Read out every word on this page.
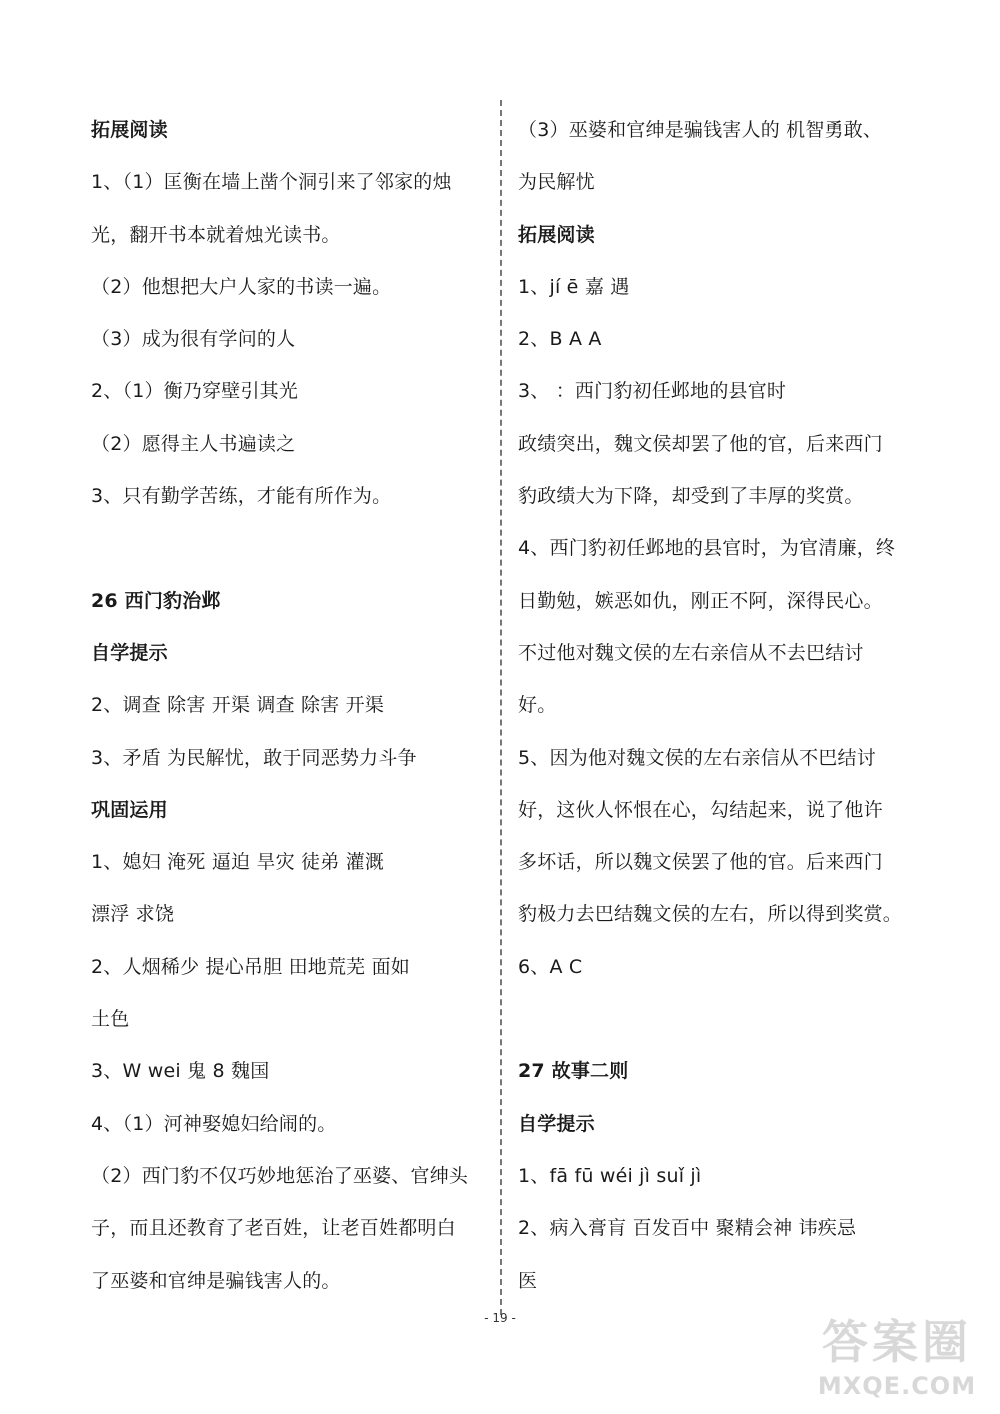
拓展阅读
1、（1）匡衡在墙上凿个洞引来了邻家的烛
光，翻开书本就着烛光读书。
（2）他想把大户人家的书读一遍。
（3）成为很有学问的人
2、（1）衡乃穿壁引其光
（2）愿得主人书遍读之
3、只有勤学苦练，才能有所作为。
26 西门豹治邺
自学提示
2、调查 除害 开渠 调查 除害 开渠
3、矛盾 为民解忧，敢于同恶势力斗争
巩固运用
1、媳妇 淹死 逼迫 旱灾 徒弟 灌溉
漂浮 求饶
2、人烟稀少 提心吊胆 田地荒芜 面如
土色
3、W wei 鬼 8 魏国
4、（1）河神娶媳妇给闹的。
（2）西门豹不仅巧妙地惩治了巫婆、官绅头
子，而且还教育了老百姓，让老百姓都明白
了巫婆和官绅是骗钱害人的。
（3）巫婆和官绅是骗钱害人的 机智勇敢、
为民解忧
拓展阅读
1、jí ē 嘉 遇
2、B A A
3、 ：西门豹初任邺地的县官时
政绩突出，魏文侯却罢了他的官，后来西门
豹政绩大为下降，却受到了丰厚的奖赏。
4、西门豹初任邺地的县官时，为官清廉，终
日勤勉，嫉恶如仇，刚正不阿，深得民心。
不过他对魏文侯的左右亲信从不去巴结讨
好。
5、因为他对魏文侯的左右亲信从不巴结讨
好，这伙人怀恨在心，勾结起来，说了他许
多坏话，所以魏文侯罢了他的官。后来西门
豹极力去巴结魏文侯的左右，所以得到奖赏。
6、A C
27 故事二则
自学提示
1、fā fū wéi jì suǐ jì
2、病入膏肓 百发百中 聚精会神 讳疾忌
医
- 19 -	答案圈
MXQE.COM
